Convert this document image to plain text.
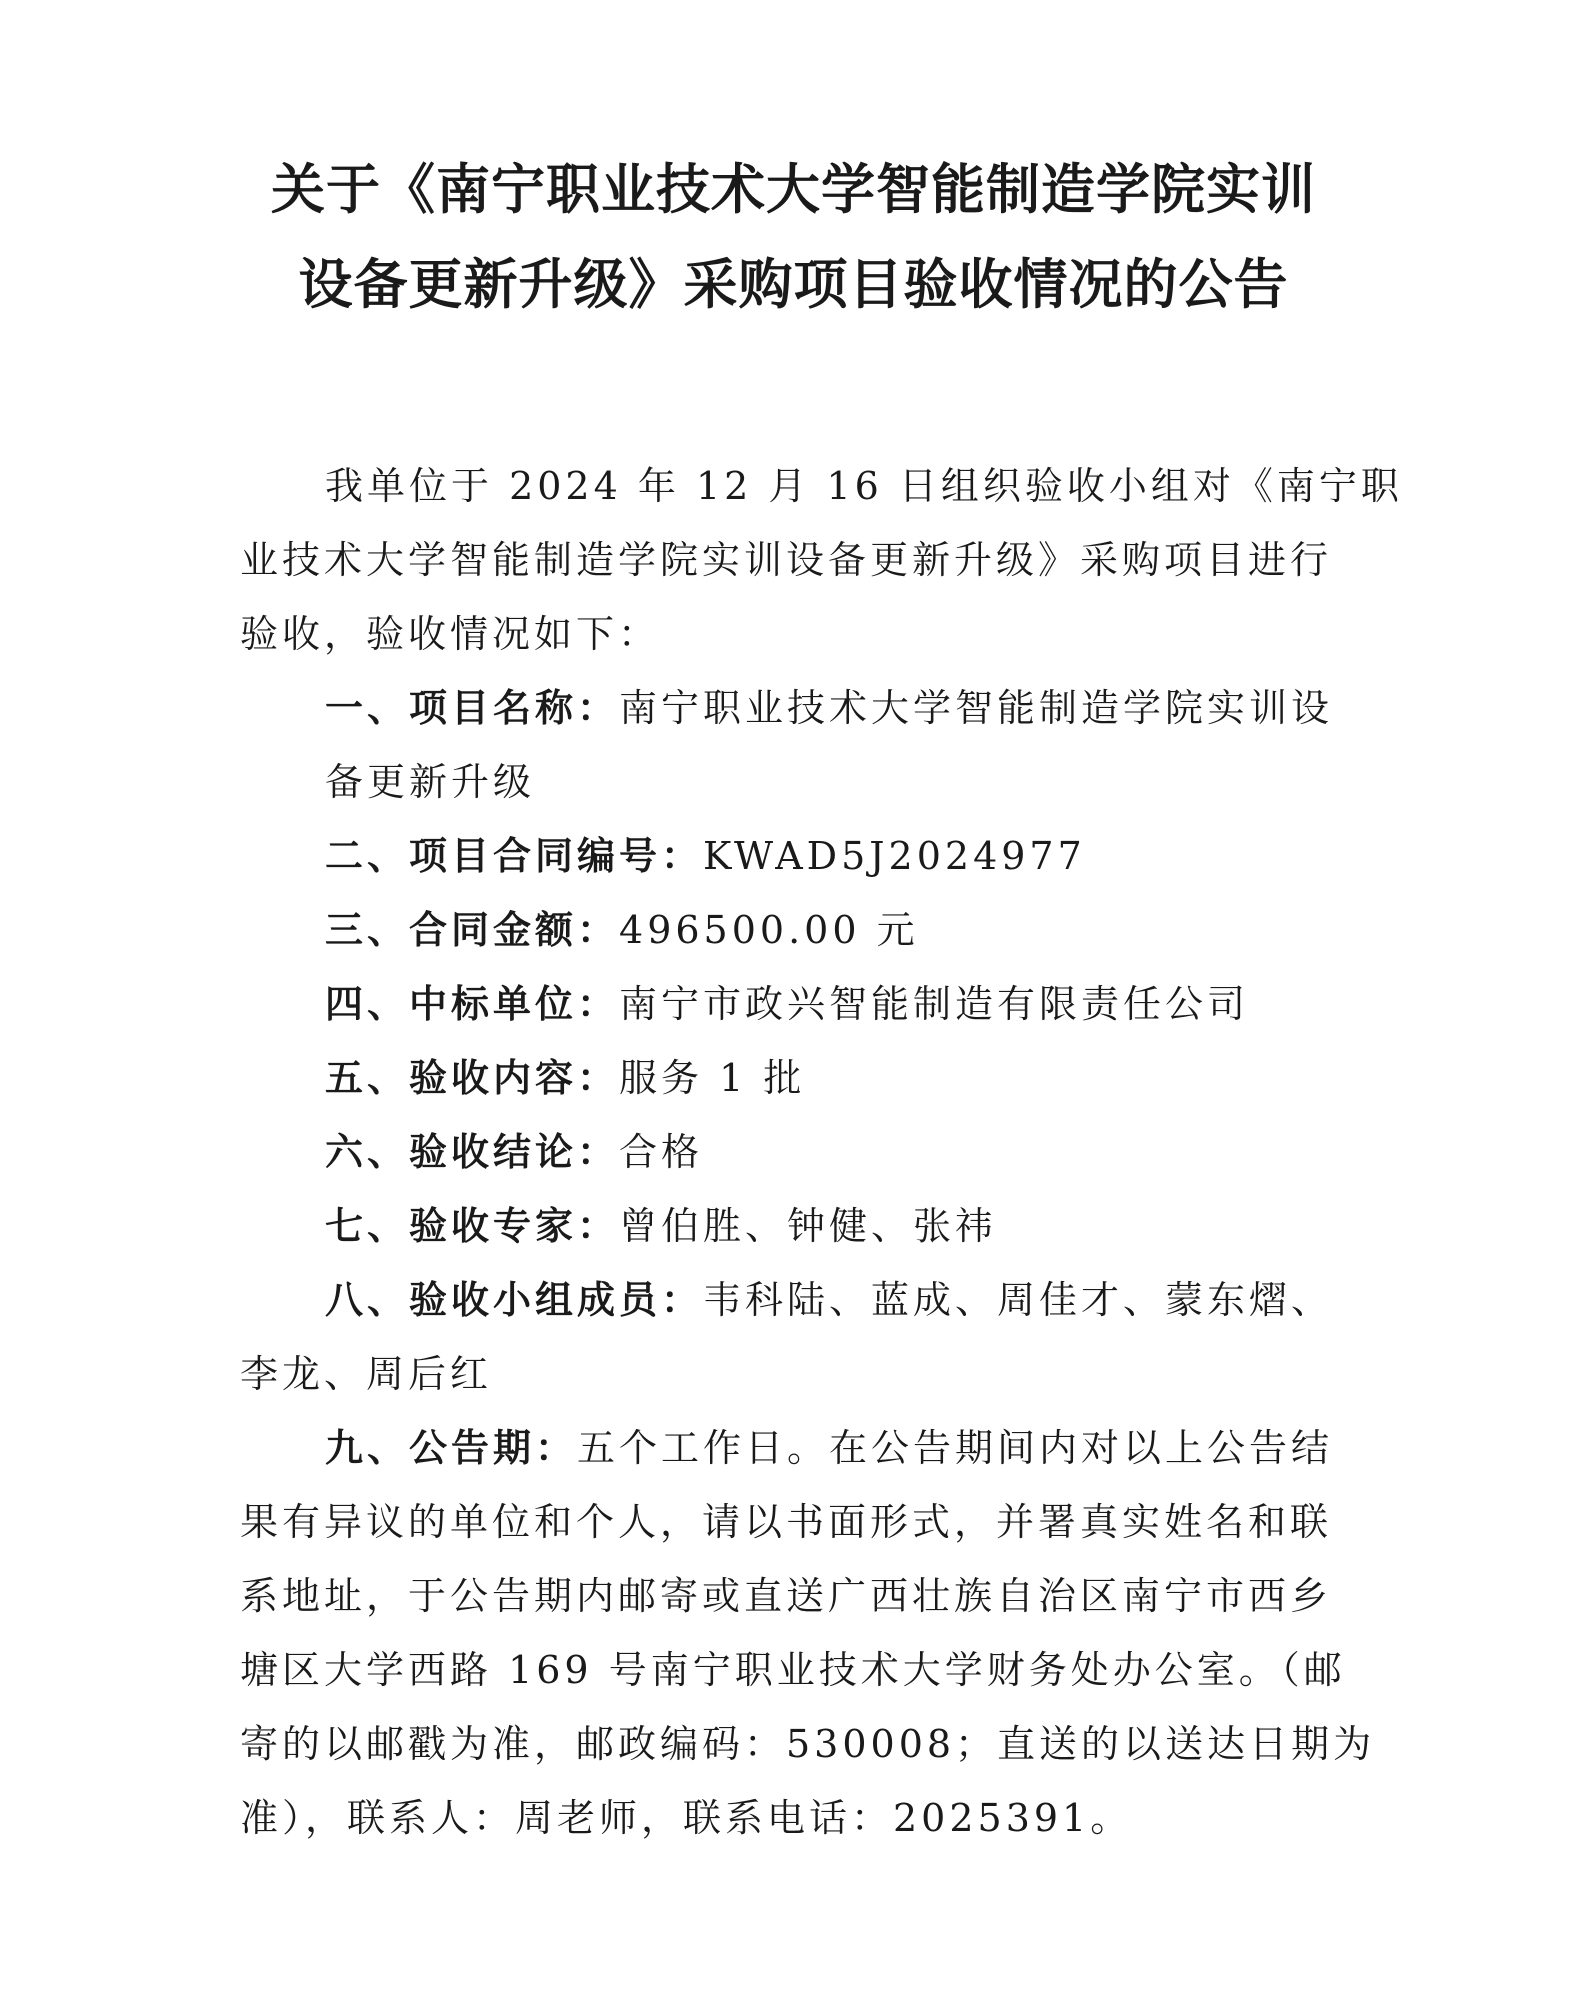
关于《南宁职业技术大学智能制造学院实训
设备更新升级》采购项目验收情况的公告
我单位于 2024 年 12 月 16 日组织验收小组对《南宁职
业技术大学智能制造学院实训设备更新升级》采购项目进行
验收，验收情况如下：
一、项目名称：南宁职业技术大学智能制造学院实训设
备更新升级
二、项目合同编号：KWAD5J2024977
三、合同金额：496500.00 元
四、中标单位：南宁市政兴智能制造有限责任公司
五、验收内容：服务 1 批
六、验收结论：合格
七、验收专家：曾伯胜、钟健、张祎
八、验收小组成员：韦科陆、蓝成、周佳才、蒙东熠、
李龙、周后红
九、公告期：五个工作日。在公告期间内对以上公告结
果有异议的单位和个人，请以书面形式，并署真实姓名和联
系地址，于公告期内邮寄或直送广西壮族自治区南宁市西乡
塘区大学西路 169 号南宁职业技术大学财务处办公室。（邮
寄的以邮戳为准，邮政编码：530008；直送的以送达日期为
准），联系人：周老师，联系电话：2025391。
